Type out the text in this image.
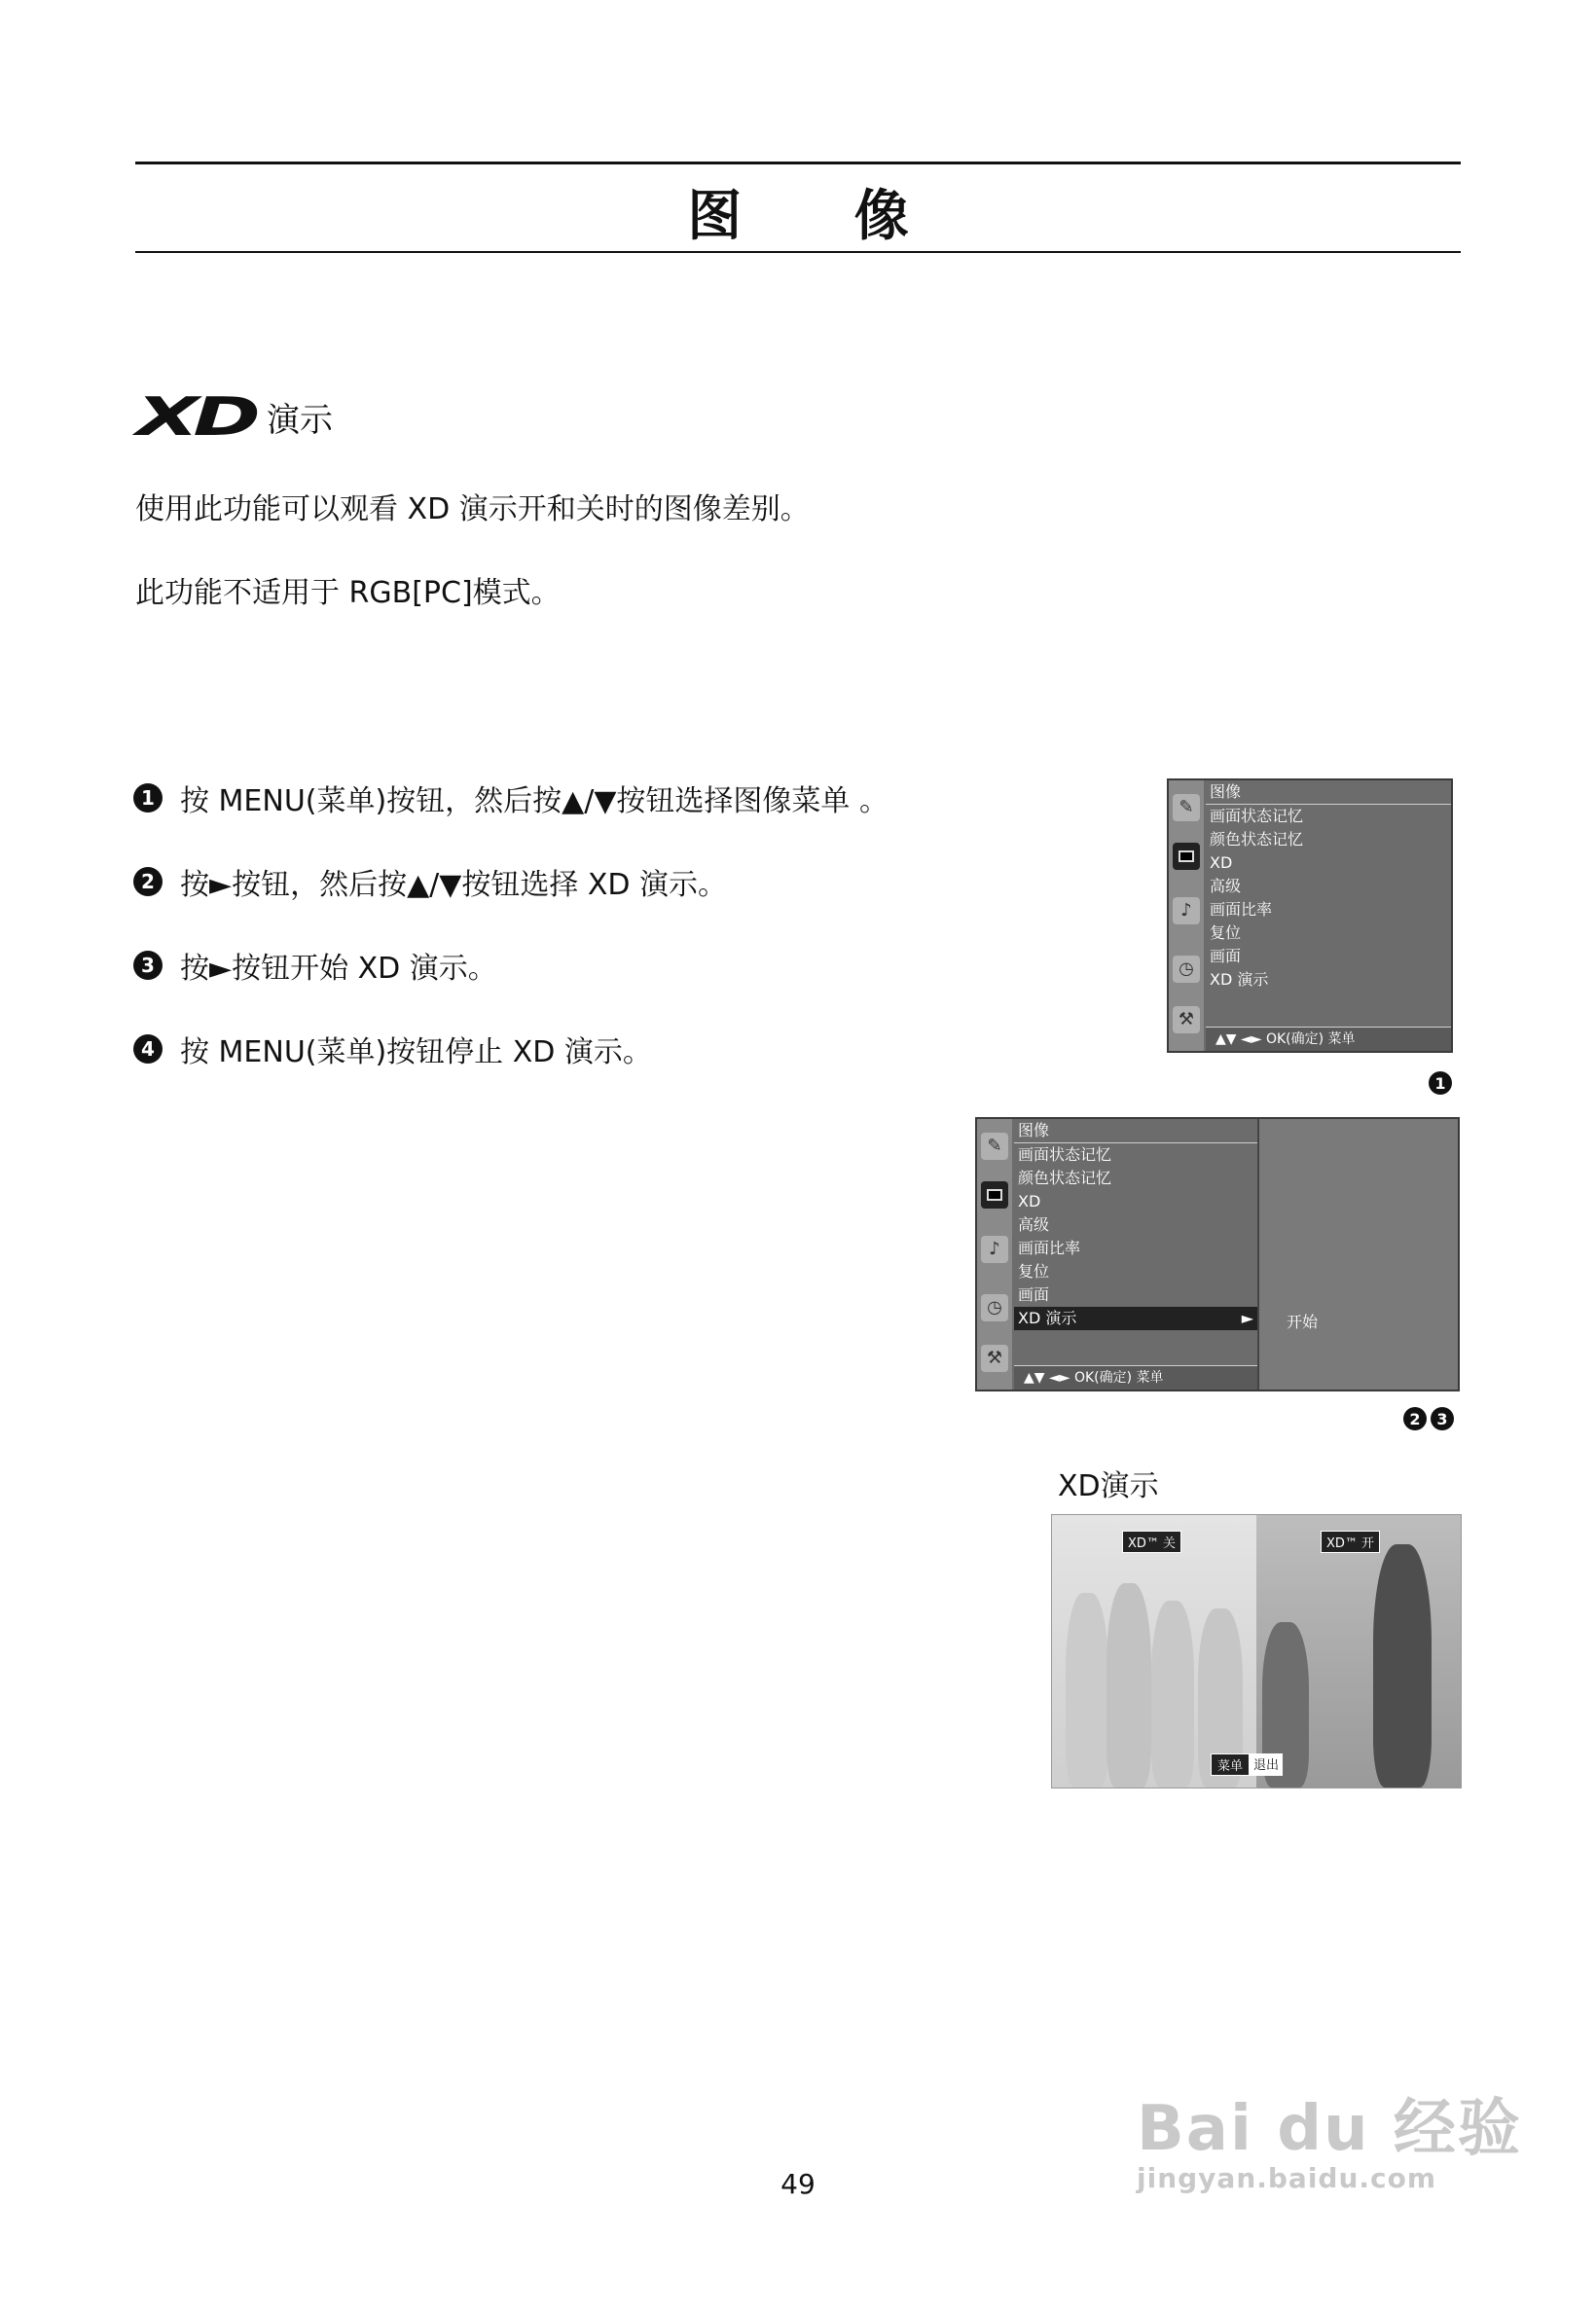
图 像
XD 演示
使用此功能可以观看 XD 演示开和关时的图像差别。
此功能不适用于 RGB[PC]模式。
1 按 MENU(菜单)按钮，然后按▲/▼按钮选择图像菜单 。
2 按►按钮，然后按▲/▼按钮选择 XD 演示。
3 按►按钮开始 XD 演示。
4 按 MENU(菜单)按钮停止 XD 演示。
✎
♪
◷
⚒
图像
画面状态记忆
颜色状态记忆
XD
高级
画面比率
复位
画面
XD 演示
▲▼ ◄► OK(确定) 菜单
1
✎
♪
◷
⚒
图像
画面状态记忆
颜色状态记忆
XD
高级
画面比率
复位
画面
XD 演示	►
▲▼ ◄► OK(确定) 菜单
开始
2	3
XD演示
XD™ 关	XD™ 开
菜单 退出
49
Bai du 经验
jingyan.baidu.com
